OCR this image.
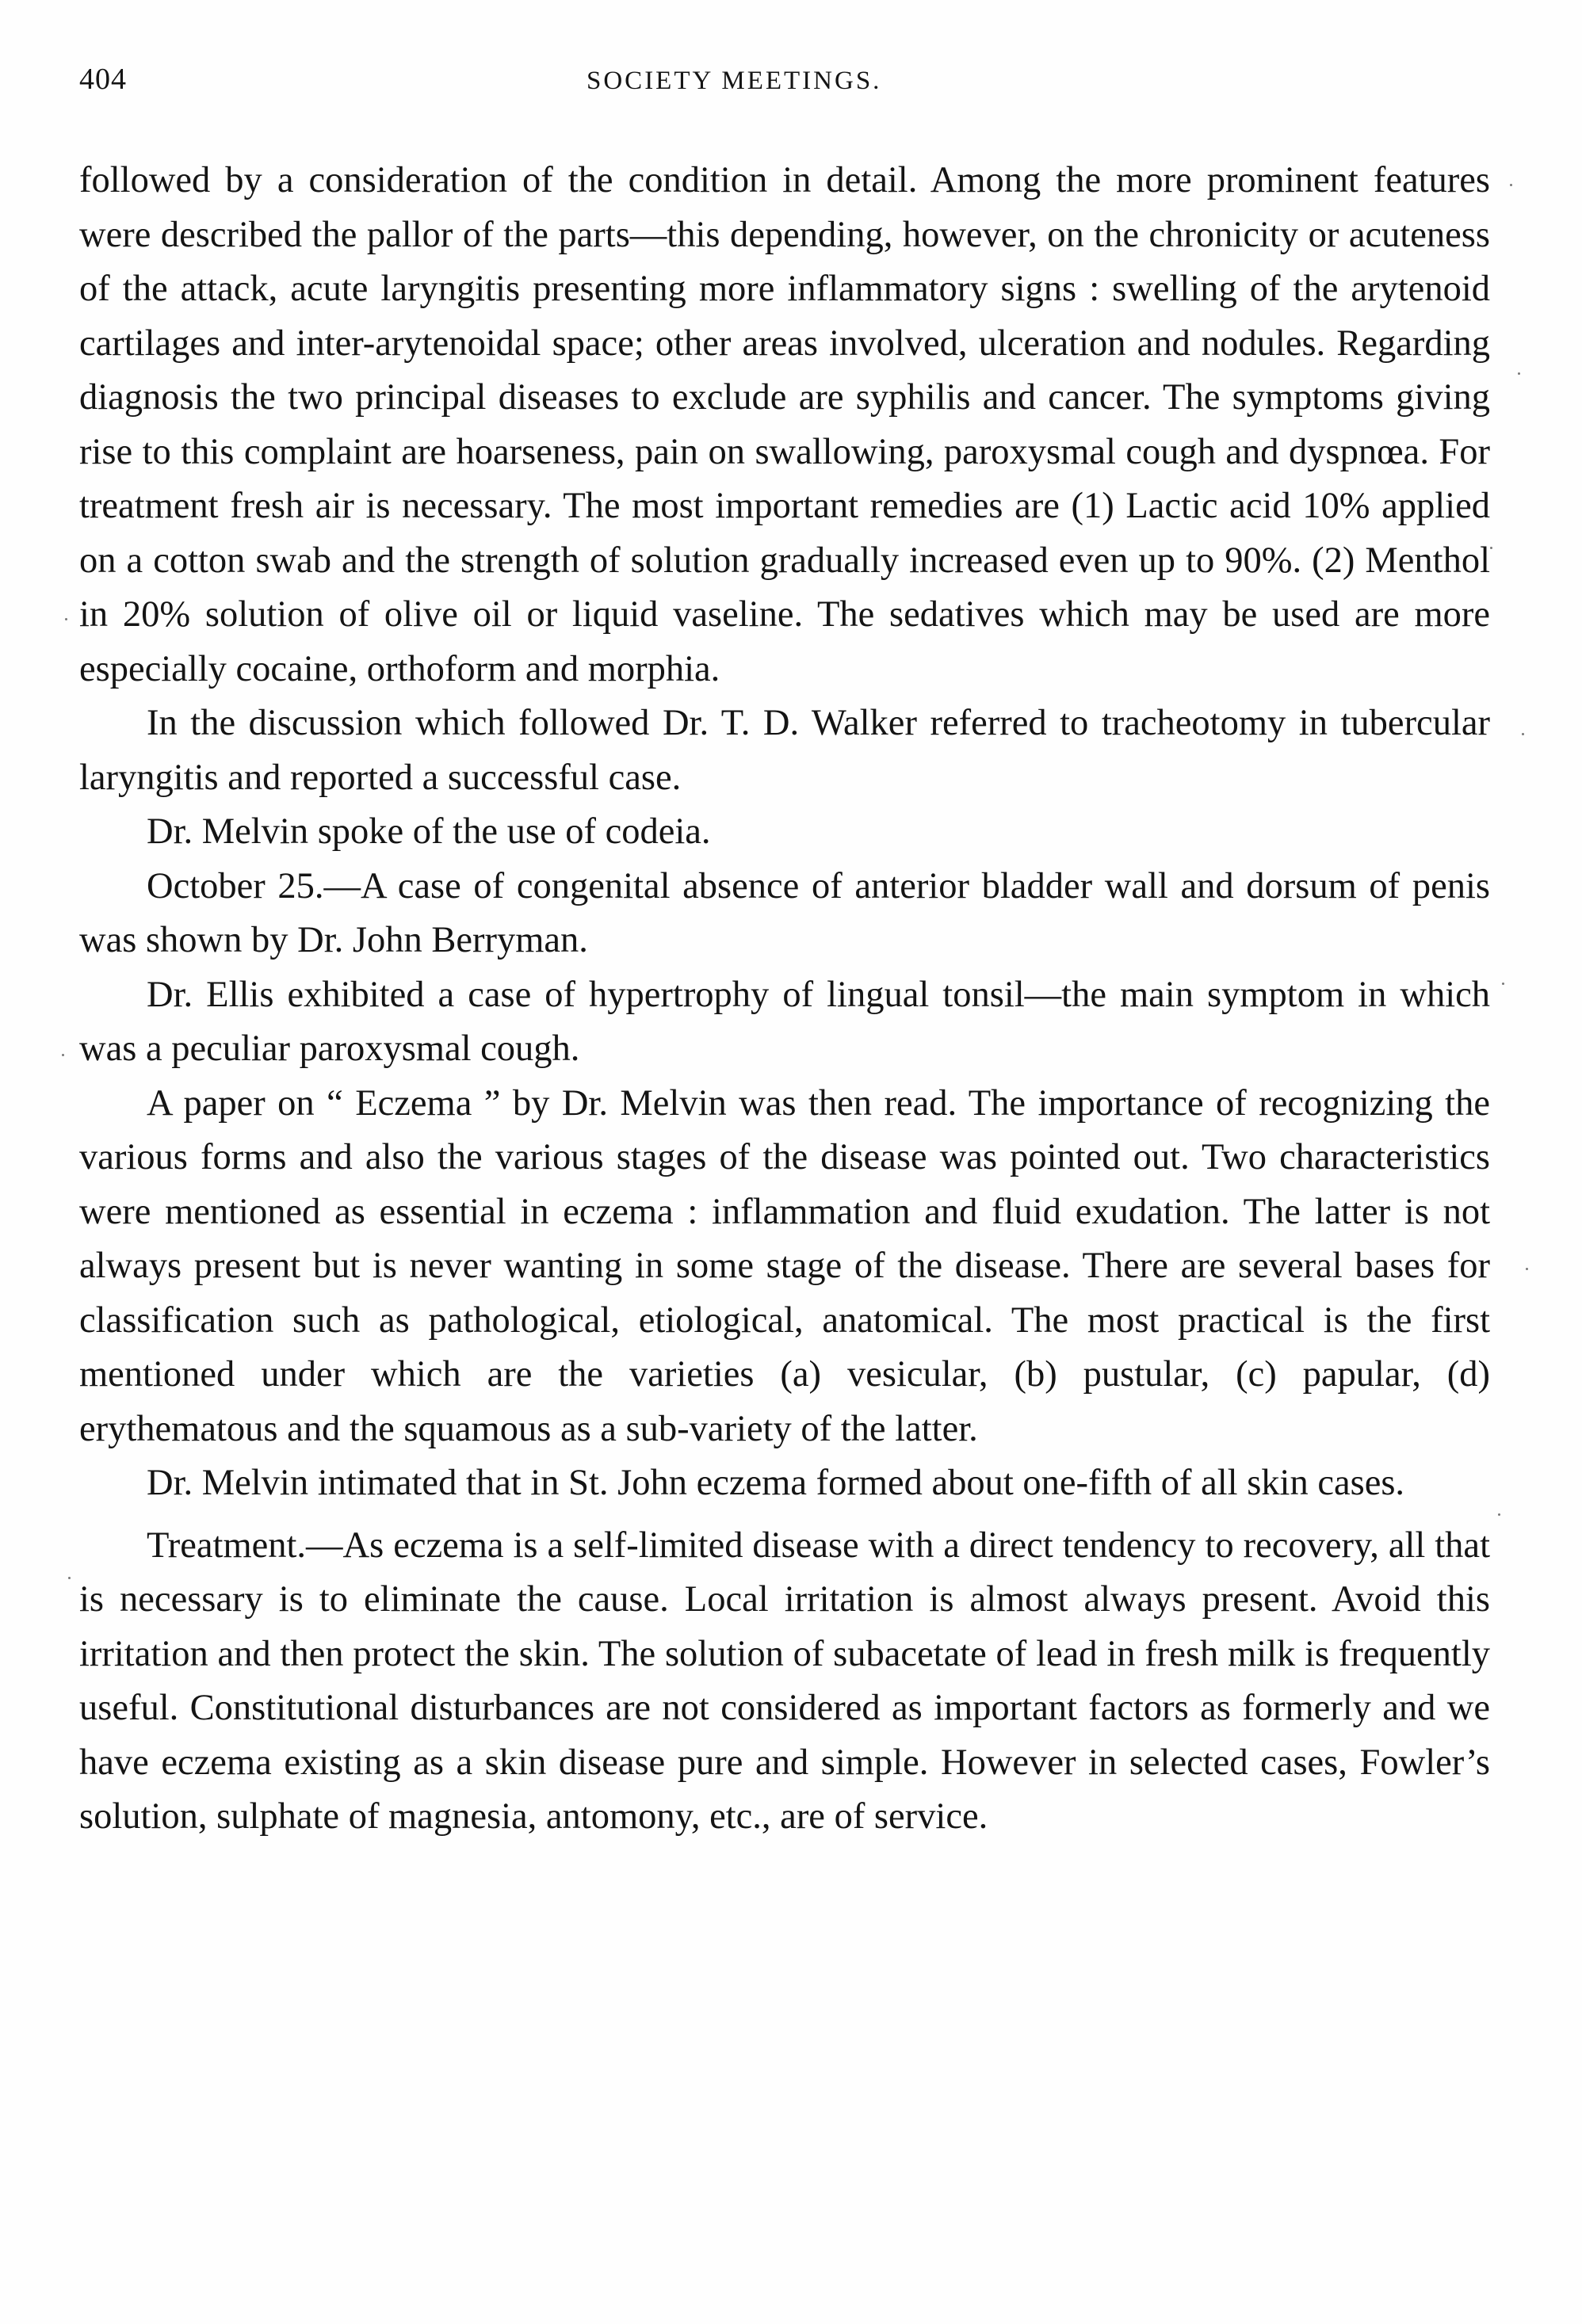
404	SOCIETY MEETINGS.

followed by a consideration of the condition in detail. Among the more prominent features were described the pallor of the parts—this depending, however, on the chronicity or acuteness of the attack, acute laryngitis presenting more inflammatory signs : swelling of the arytenoid cartilages and inter-arytenoidal space; other areas involved, ulceration and nodules. Regarding diagnosis the two principal diseases to exclude are syphilis and cancer. The symptoms giving rise to this complaint are hoarseness, pain on swallowing, paroxysmal cough and dyspnœa. For treatment fresh air is necessary. The most important remedies are (1) Lactic acid 10% applied on a cotton swab and the strength of solution gradually increased even up to 90%. (2) Menthol in 20% solution of olive oil or liquid vaseline. The sedatives which may be used are more especially cocaine, orthoform and morphia.

In the discussion which followed Dr. T. D. Walker referred to tracheotomy in tubercular laryngitis and reported a successful case.

Dr. Melvin spoke of the use of codeia.

October 25.—A case of congenital absence of anterior bladder wall and dorsum of penis was shown by Dr. John Berryman.

Dr. Ellis exhibited a case of hypertrophy of lingual tonsil—the main symptom in which was a peculiar paroxysmal cough.

A paper on “ Eczema ” by Dr. Melvin was then read. The importance of recognizing the various forms and also the various stages of the disease was pointed out. Two characteristics were mentioned as essential in eczema : inflammation and fluid exudation. The latter is not always present but is never wanting in some stage of the disease. There are several bases for classification such as pathological, etiological, anatomical. The most practical is the first mentioned under which are the varieties (a) vesicular, (b) pustular, (c) papular, (d) erythematous and the squamous as a sub-variety of the latter.

Dr. Melvin intimated that in St. John eczema formed about one-fifth of all skin cases.

Treatment.—As eczema is a self-limited disease with a direct tendency to recovery, all that is necessary is to eliminate the cause. Local irritation is almost always present. Avoid this irritation and then protect the skin. The solution of subacetate of lead in fresh milk is frequently useful. Constitutional disturbances are not considered as important factors as formerly and we have eczema existing as a skin disease pure and simple. However in selected cases, Fowler’s solution, sulphate of magnesia, antomony, etc., are of service.
